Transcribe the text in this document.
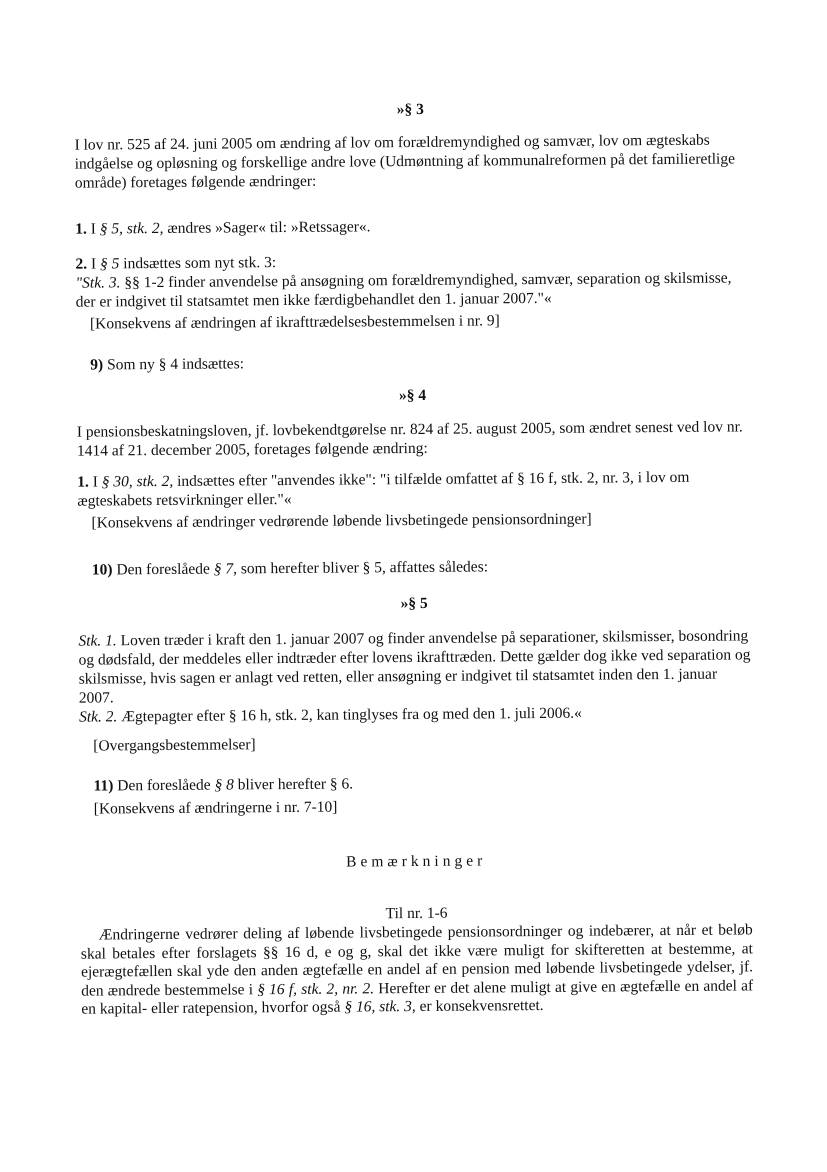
»§ 3
I lov nr. 525 af 24. juni 2005 om ændring af lov om forældremyndighed og samvær, lov om ægteskabs indgåelse og opløsning og forskellige andre love (Udmøntning af kommunalreformen på det familieretlige område) foretages følgende ændringer:
1. I § 5, stk. 2, ændres »Sager« til: »Retssager«.
2. I § 5 indsættes som nyt stk. 3:
"Stk. 3. §§ 1-2 finder anvendelse på ansøgning om forældremyndighed, samvær, separation og skilsmisse, der er indgivet til statsamtet men ikke færdigbehandlet den 1. januar 2007."«
[Konsekvens af ændringen af ikrafttrædelsesbestemmelsen i nr. 9]
9) Som ny § 4 indsættes:
»§ 4
I pensionsbeskatningsloven, jf. lovbekendtgørelse nr. 824 af 25. august 2005, som ændret senest ved lov nr. 1414 af 21. december 2005, foretages følgende ændring:
1. I § 30, stk. 2, indsættes efter "anvendes ikke": "i tilfælde omfattet af § 16 f, stk. 2, nr. 3, i lov om ægteskabets retsvirkninger eller."«
[Konsekvens af ændringer vedrørende løbende livsbetingede pensionsordninger]
10) Den foreslåede § 7, som herefter bliver § 5, affattes således:
»§ 5
Stk. 1. Loven træder i kraft den 1. januar 2007 og finder anvendelse på separationer, skilsmisser, bosondring og dødsfald, der meddeles eller indtræder efter lovens ikrafttræden. Dette gælder dog ikke ved separation og skilsmisse, hvis sagen er anlagt ved retten, eller ansøgning er indgivet til statsamtet inden den 1. januar 2007.
Stk. 2. Ægtepagter efter § 16 h, stk. 2, kan tinglyses fra og med den 1. juli 2006.«
[Overgangsbestemmelser]
11) Den foreslåede § 8 bliver herefter § 6.
[Konsekvens af ændringerne i nr. 7-10]
Bemærkninger
Til nr. 1-6
Ændringerne vedrører deling af løbende livsbetingede pensionsordninger og indebærer, at når et beløb skal betales efter forslagets §§ 16 d, e og g, skal det ikke være muligt for skifteretten at bestemme, at ejerægtefællen skal yde den anden ægtefælle en andel af en pension med løbende livsbetingede ydelser, jf. den ændrede bestemmelse i § 16 f, stk. 2, nr. 2. Herefter er det alene muligt at give en ægtefælle en andel af en kapital- eller ratepension, hvorfor også § 16, stk. 3, er konsekvensrettet.
